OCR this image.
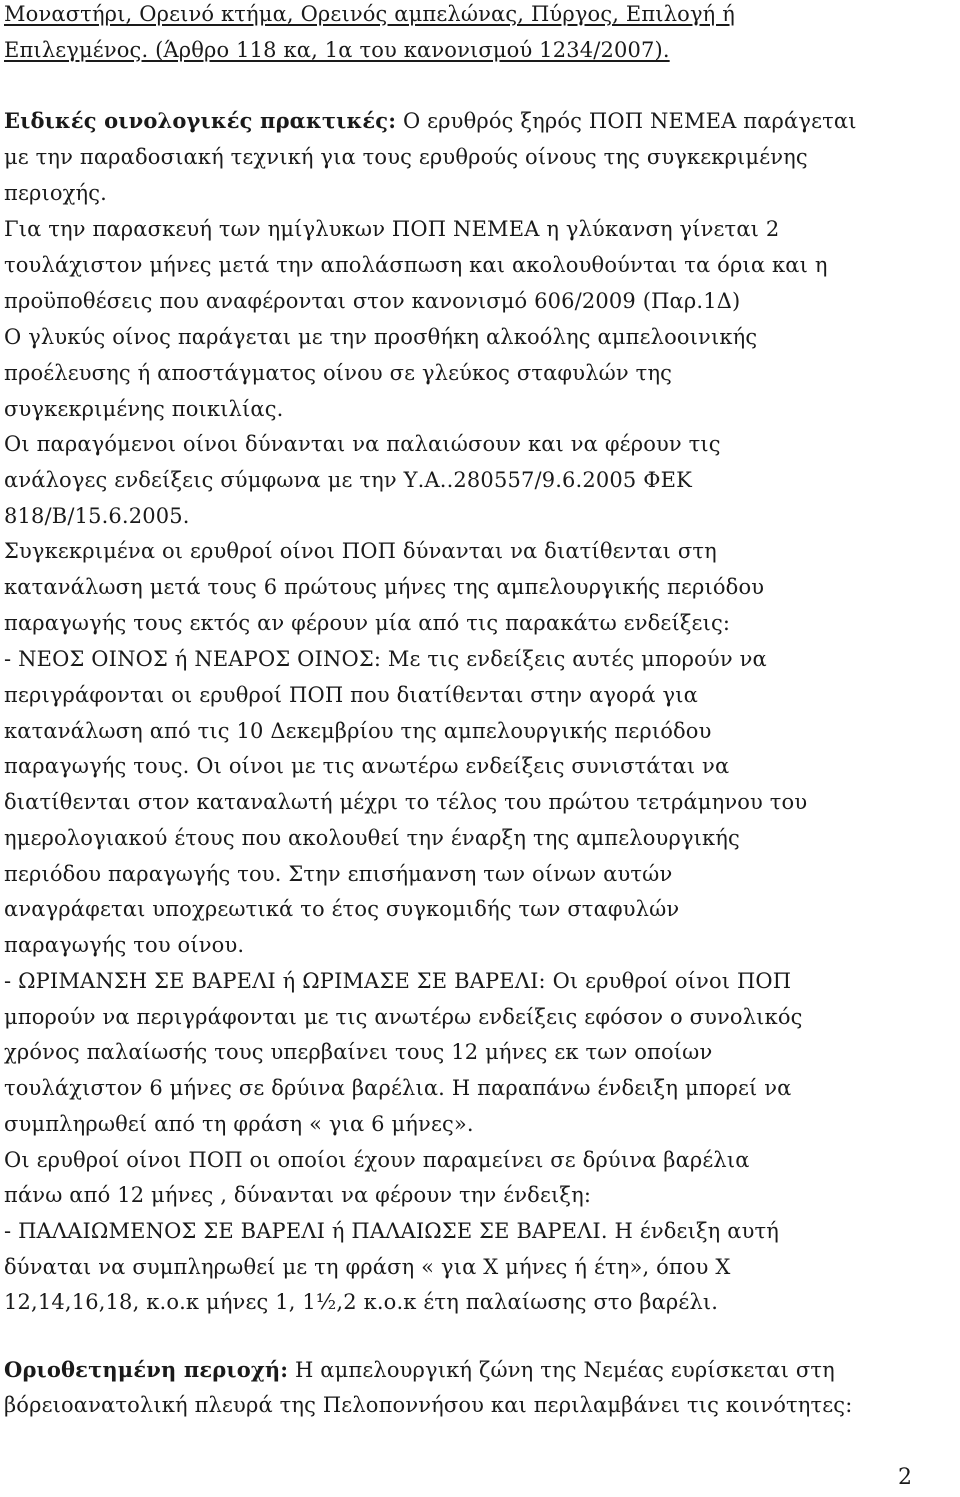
Μοναστήρι, Ορεινό κτήμα, Ορεινός αμπελώνας, Πύργος, Επιλογή ή

Επιλεγμένος. (Άρθρο 118 κα, 1α του κανονισμού 1234/2007).

Ειδικές οινολογικές πρακτικές: Ο ερυθρός ξηρός ΠΟΠ ΝΕΜΕΑ παράγεται

με την παραδοσιακή τεχνική για τους ερυθρούς οίνους της συγκεκριμένης

περιοχής.

Για την παρασκευή των ημίγλυκων ΠΟΠ ΝΕΜΕΑ η γλύκανση γίνεται 2

τουλάχιστον μήνες μετά την απολάσπωση και ακολουθούνται τα όρια και η

προϋποθέσεις που αναφέρονται στον κανονισμό 606/2009 (Παρ.1Δ)

Ο γλυκύς οίνος παράγεται με την προσθήκη αλκοόλης αμπελοοινικής

προέλευσης ή αποστάγματος οίνου σε γλεύκος σταφυλών της

συγκεκριμένης ποικιλίας.

Οι παραγόμενοι οίνοι δύνανται να παλαιώσουν και να φέρουν τις

ανάλογες ενδείξεις σύμφωνα με την Υ.Α..280557/9.6.2005 ΦΕΚ

818/Β/15.6.2005.

Συγκεκριμένα οι ερυθροί οίνοι ΠΟΠ δύνανται να διατίθενται στη

κατανάλωση μετά τους 6 πρώτους μήνες της αμπελουργικής περιόδου

παραγωγής τους εκτός αν φέρουν μία από τις παρακάτω ενδείξεις:

- ΝΕΟΣ ΟΙΝΟΣ ή ΝΕΑΡΟΣ ΟΙΝΟΣ: Με τις ενδείξεις αυτές μπορούν να

περιγράφονται οι ερυθροί ΠΟΠ που διατίθενται στην αγορά για

κατανάλωση από τις 10 Δεκεμβρίου της αμπελουργικής περιόδου

παραγωγής τους. Οι οίνοι με τις ανωτέρω ενδείξεις συνιστάται να

διατίθενται στον καταναλωτή μέχρι το τέλος του πρώτου τετράμηνου του

ημερολογιακού έτους που ακολουθεί την έναρξη της αμπελουργικής

περιόδου παραγωγής του. Στην επισήμανση των οίνων αυτών

αναγράφεται υποχρεωτικά το έτος συγκομιδής των σταφυλών

παραγωγής του οίνου.

- ΩΡΙΜΑΝΣΗ ΣΕ ΒΑΡΕΛΙ ή ΩΡΙΜΑΣΕ ΣΕ ΒΑΡΕΛΙ: Οι ερυθροί οίνοι ΠΟΠ

μπορούν να περιγράφονται με τις ανωτέρω ενδείξεις εφόσον ο συνολικός

χρόνος παλαίωσής τους υπερβαίνει τους 12 μήνες εκ των οποίων

τουλάχιστον 6 μήνες σε δρύινα βαρέλια. Η παραπάνω ένδειξη μπορεί να

συμπληρωθεί από τη φράση « για 6 μήνες».

Οι ερυθροί οίνοι ΠΟΠ οι οποίοι έχουν παραμείνει σε δρύινα βαρέλια

πάνω από 12 μήνες , δύνανται να φέρουν την ένδειξη:

- ΠΑΛΑΙΩΜΕΝΟΣ ΣΕ ΒΑΡΕΛΙ ή ΠΑΛΑΙΩΣΕ ΣΕ ΒΑΡΕΛΙ. Η ένδειξη αυτή

δύναται να συμπληρωθεί με τη φράση « για Χ μήνες ή έτη», όπου Χ

12,14,16,18, κ.ο.κ μήνες 1, 1½,2 κ.ο.κ έτη παλαίωσης στο βαρέλι.

Οριοθετημένη περιοχή: Η αμπελουργική ζώνη της Νεμέας ευρίσκεται στη

βόρειοανατολική πλευρά της Πελοποννήσου και περιλαμβάνει τις κοινότητες:

2
